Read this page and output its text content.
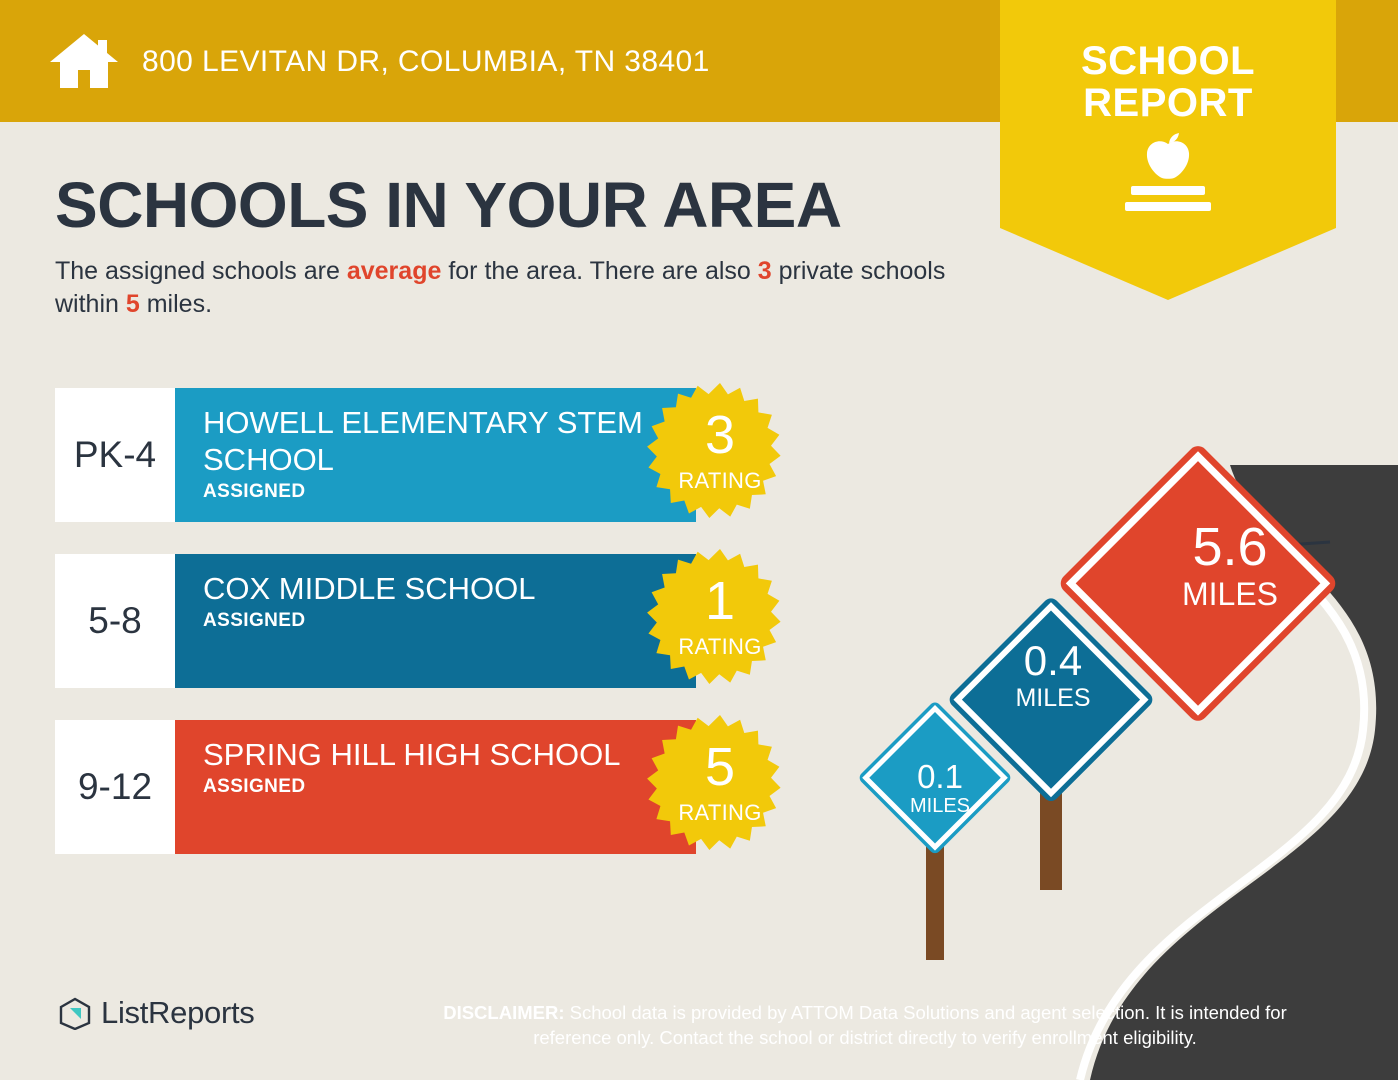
800 LEVITAN DR, COLUMBIA, TN 38401	SCHOOL
REPORT
SCHOOLS IN YOUR AREA
The assigned schools are average for the area. There are also 3 private schools within 5 miles.
PK-4
HOWELL ELEMENTARY STEM SCHOOL
ASSIGNED
3
RATING
5-8
COX MIDDLE SCHOOL
ASSIGNED	1
RATING
9-12
SPRING HILL HIGH SCHOOL
ASSIGNED	5
RATING
0.1
MILES
0.4
MILES
5.6
MILES
ListReports	DISCLAIMER: School data is provided by ATTOM Data Solutions and agent selection. It is intended for reference only. Contact the school or district directly to verify enrollment eligibility.
